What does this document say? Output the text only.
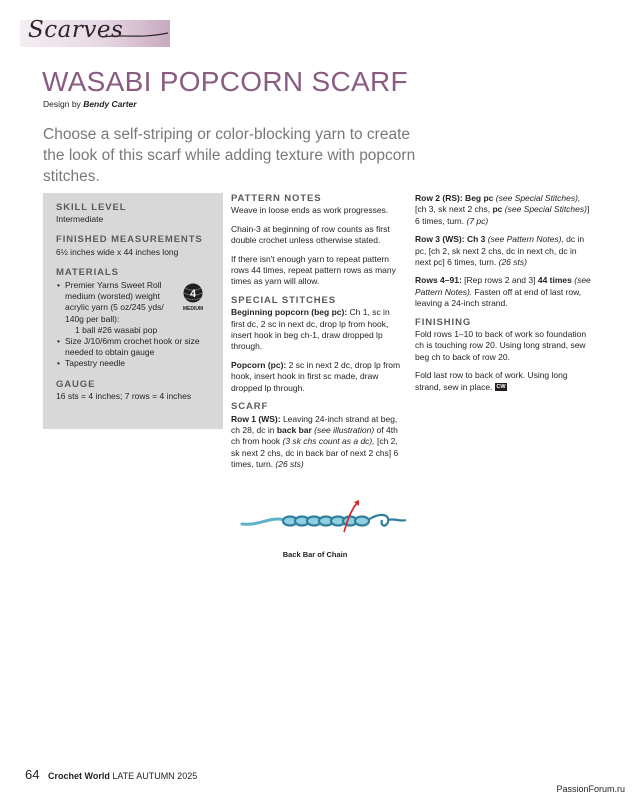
Scarves
WASABI POPCORN SCARF
Design by Bendy Carter
Choose a self-striping or color-blocking yarn to create the look of this scarf while adding texture with popcorn stitches.
SKILL LEVEL

Intermediate

FINISHED MEASUREMENTS

6½ inches wide x 44 inches long

MATERIALS
• Premier Yarns Sweet Roll medium (worsted) weight acrylic yarn (5 oz/245 yds/ 140g per ball):
1 ball #26 wasabi pop
• Size J/10/6mm crochet hook or size needed to obtain gauge
• Tapestry needle
GAUGE

16 sts = 4 inches; 7 rows = 4 inches

4
MEDIUM
PATTERN NOTES

Weave in loose ends as work progresses.

Chain-3 at beginning of row counts as first double crochet unless otherwise stated.

If there isn't enough yarn to repeat pattern rows 44 times, repeat pattern rows as many times as yarn will allow.

SPECIAL STITCHES

Beginning popcorn (beg pc): Ch 1, sc in first dc, 2 sc in next dc, drop lp from hook, insert hook in beg ch-1, draw dropped lp through.

Popcorn (pc): 2 sc in next 2 dc, drop lp from hook, insert hook in first sc made, draw dropped lp through.

SCARF

Row 1 (WS): Leaving 24-inch strand at beg, ch 28, dc in back bar (see illustration) of 4th ch from hook (3 sk chs count as a dc), [ch 2, sk next 2 chs, dc in back bar of next 2 chs] 6 times, turn. (26 sts)

Back Bar of Chain

Row 2 (RS): Beg pc (see Special Stitches), [ch 3, sk next 2 chs, pc (see Special Stitches)] 6 times, turn. (7 pc)

Row 3 (WS): Ch 3 (see Pattern Notes), dc in pc, [ch 2, sk next 2 chs, dc in next ch, dc in next pc] 6 times, turn. (26 sts)

Rows 4–91: [Rep rows 2 and 3] 44 times (see Pattern Notes). Fasten off at end of last row, leaving a 24-inch strand.

FINISHING

Fold rows 1–10 to back of work so foundation ch is touching row 20. Using long strand, sew beg ch to back of row 20.

Fold last row to back of work. Using long strand, sew in place. CW

64 Crochet World LATE AUTUMN 2025
PassionForum.ru
